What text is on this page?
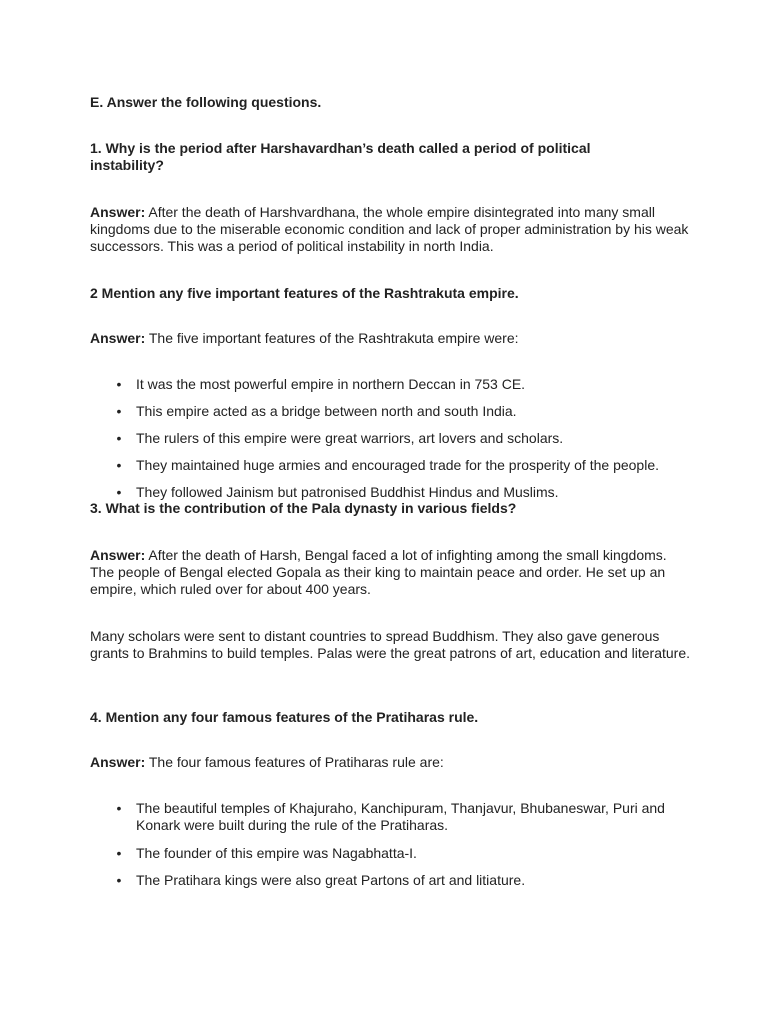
E. Answer the following questions.

1. Why is the period after Harshavardhan’s death called a period of political instability?

Answer: After the death of Harshvardhana, the whole empire disintegrated into many small kingdoms due to the miserable economic condition and lack of proper administration by his weak successors. This was a period of political instability in north India.

2 Mention any five important features of the Rashtrakuta empire.

Answer: The five important features of the Rashtrakuta empire were:

• It was the most powerful empire in northern Deccan in 753 CE.
• This empire acted as a bridge between north and south India.
• The rulers of this empire were great warriors, art lovers and scholars.
• They maintained huge armies and encouraged trade for the prosperity of the people.
• They followed Jainism but patronised Buddhist Hindus and Muslims.

3. What is the contribution of the Pala dynasty in various fields?

Answer: After the death of Harsh, Bengal faced a lot of infighting among the small kingdoms. The people of Bengal elected Gopala as their king to maintain peace and order. He set up an empire, which ruled over for about 400 years.

Many scholars were sent to distant countries to spread Buddhism. They also gave generous grants to Brahmins to build temples. Palas were the great patrons of art, education and literature.

4. Mention any four famous features of the Pratiharas rule.

Answer: The four famous features of Pratiharas rule are:

• The beautiful temples of Khajuraho, Kanchipuram, Thanjavur, Bhubaneswar, Puri and Konark were built during the rule of the Pratiharas.
• The founder of this empire was Nagabhatta-I.
• The Pratihara kings were also great Partons of art and litiature.
